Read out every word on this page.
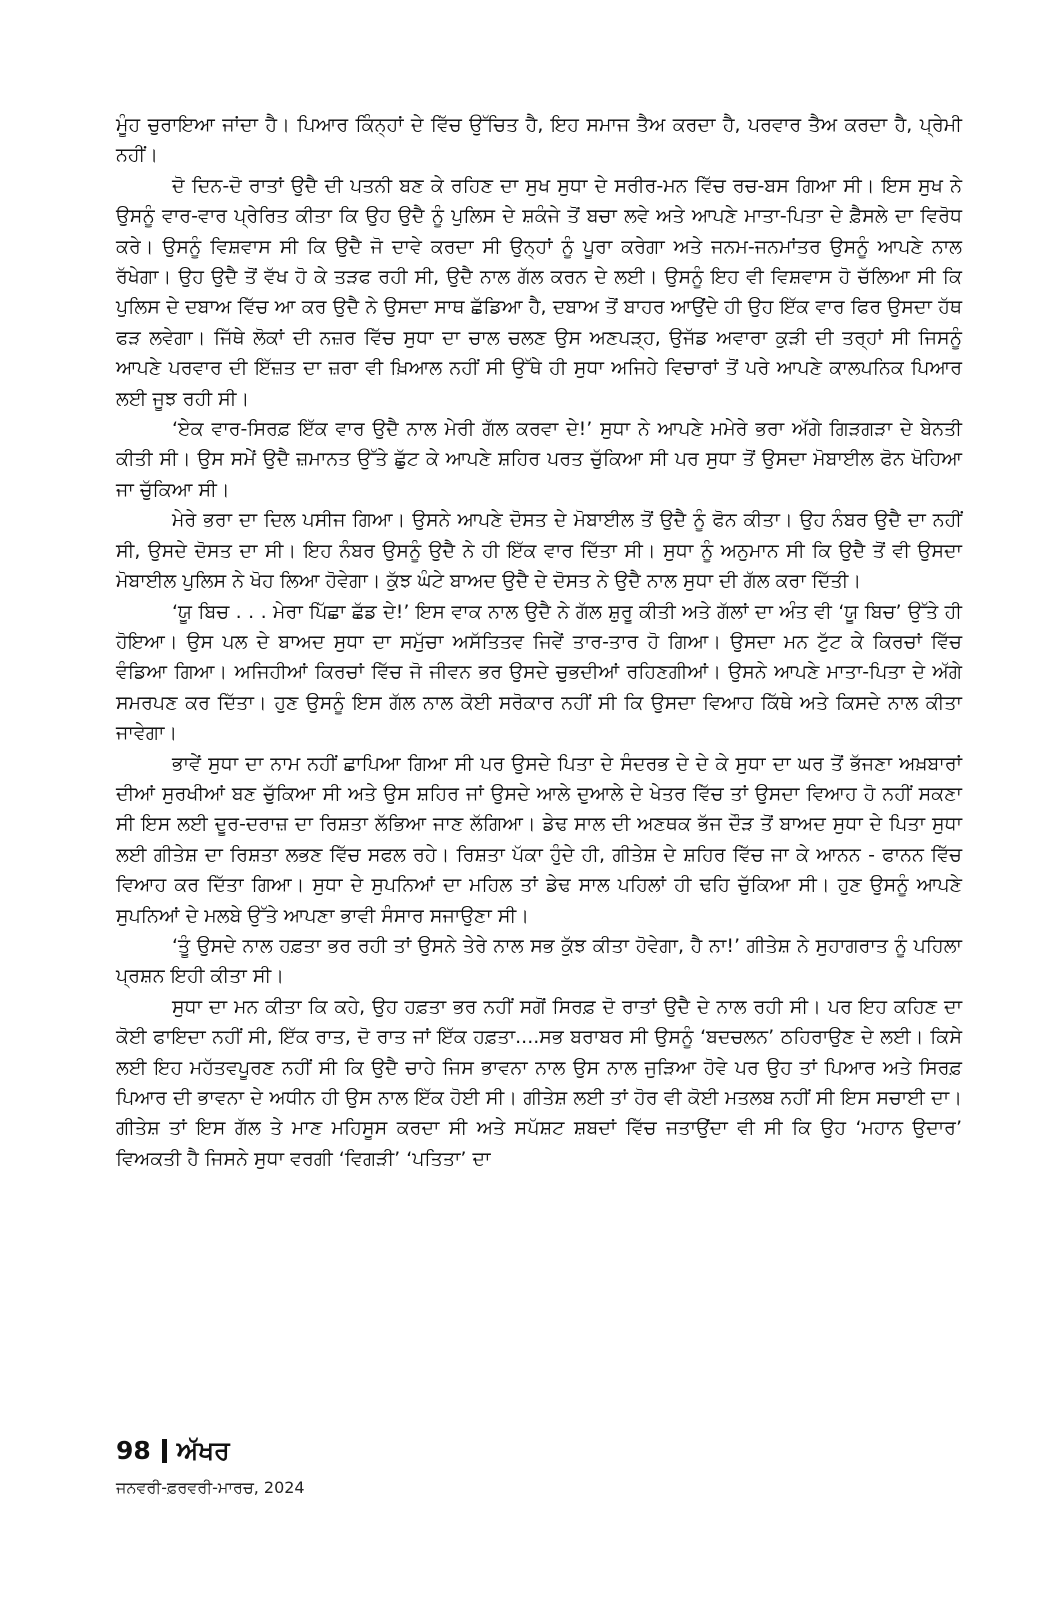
ਮੂੰਹ ਚੁਰਾਇਆ ਜਾਂਦਾ ਹੈ। ਪਿਆਰ ਕਿੰਨ੍ਹਾਂ ਦੇ ਵਿੱਚ ਉੱਚਿਤ ਹੈ, ਇਹ ਸਮਾਜ ਤੈਅ ਕਰਦਾ ਹੈ, ਪਰਵਾਰ ਤੈਅ ਕਰਦਾ ਹੈ, ਪ੍ਰੇਮੀ ਨਹੀਂ।

ਦੋ ਦਿਨ-ਦੋ ਰਾਤਾਂ ਉਦੈ ਦੀ ਪਤਨੀ ਬਣ ਕੇ ਰਹਿਣ ਦਾ ਸੁਖ ਸੁਧਾ ਦੇ ਸਰੀਰ-ਮਨ ਵਿੱਚ ਰਚ-ਬਸ ਗਿਆ ਸੀ। ਇਸ ਸੁਖ ਨੇ ਉਸਨੂੰ ਵਾਰ-ਵਾਰ ਪ੍ਰੇਰਿਤ ਕੀਤਾ ਕਿ ਉਹ ਉਦੈ ਨੂੰ ਪੁਲਿਸ ਦੇ ਸ਼ਕੰਜੇ ਤੋਂ ਬਚਾ ਲਵੇ ਅਤੇ ਆਪਣੇ ਮਾਤਾ-ਪਿਤਾ ਦੇ ਫ਼ੈਸਲੇ ਦਾ ਵਿਰੋਧ ਕਰੇ। ਉਸਨੂੰ ਵਿਸ਼ਵਾਸ ਸੀ ਕਿ ਉਦੈ ਜੋ ਦਾਵੇ ਕਰਦਾ ਸੀ ਉਨ੍ਹਾਂ ਨੂੰ ਪੂਰਾ ਕਰੇਗਾ ਅਤੇ ਜਨਮ-ਜਨਮਾਂਤਰ ਉਸਨੂੰ ਆਪਣੇ ਨਾਲ ਰੱਖੇਗਾ। ਉਹ ਉਦੈ ਤੋਂ ਵੱਖ ਹੋ ਕੇ ਤੜਫ ਰਹੀ ਸੀ, ਉਦੈ ਨਾਲ ਗੱਲ ਕਰਨ ਦੇ ਲਈ। ਉਸਨੂੰ ਇਹ ਵੀ ਵਿਸ਼ਵਾਸ ਹੋ ਚੱਲਿਆ ਸੀ ਕਿ ਪੁਲਿਸ ਦੇ ਦਬਾਅ ਵਿੱਚ ਆ ਕਰ ਉਦੈ ਨੇ ਉਸਦਾ ਸਾਥ ਛੱਡਿਆ ਹੈ, ਦਬਾਅ ਤੋਂ ਬਾਹਰ ਆਉਂਦੇ ਹੀ ਉਹ ਇੱਕ ਵਾਰ ਫਿਰ ਉਸਦਾ ਹੱਥ ਫੜ ਲਵੇਗਾ। ਜਿੱਥੇ ਲੋਕਾਂ ਦੀ ਨਜ਼ਰ ਵਿੱਚ ਸੁਧਾ ਦਾ ਚਾਲ ਚਲਣ ਉਸ ਅਣਪੜ੍ਹ, ਉਜੱਡ ਅਵਾਰਾ ਕੁੜੀ ਦੀ ਤਰ੍ਹਾਂ ਸੀ ਜਿਸਨੂੰ ਆਪਣੇ ਪਰਵਾਰ ਦੀ ਇੱਜ਼ਤ ਦਾ ਜ਼ਰਾ ਵੀ ਖ਼ਿਆਲ ਨਹੀਂ ਸੀ ਉੱਥੇ ਹੀ ਸੁਧਾ ਅਜਿਹੇ ਵਿਚਾਰਾਂ ਤੋਂ ਪਰੇ ਆਪਣੇ ਕਾਲਪਨਿਕ ਪਿਆਰ ਲਈ ਜੂਝ ਰਹੀ ਸੀ।

‘ਏਕ ਵਾਰ-ਸਿਰਫ਼ ਇੱਕ ਵਾਰ ਉਦੈ ਨਾਲ ਮੇਰੀ ਗੱਲ ਕਰਵਾ ਦੇ!’ ਸੁਧਾ ਨੇ ਆਪਣੇ ਮਮੇਰੇ ਭਰਾ ਅੱਗੇ ਗਿੜਗੜਾ ਦੇ ਬੇਨਤੀ ਕੀਤੀ ਸੀ। ਉਸ ਸਮੇਂ ਉਦੈ ਜ਼ਮਾਨਤ ਉੱਤੇ ਛੁੱਟ ਕੇ ਆਪਣੇ ਸ਼ਹਿਰ ਪਰਤ ਚੁੱਕਿਆ ਸੀ ਪਰ ਸੁਧਾ ਤੋਂ ਉਸਦਾ ਮੋਬਾਈਲ ਫੋਨ ਖੋਹਿਆ ਜਾ ਚੁੱਕਿਆ ਸੀ।

ਮੇਰੇ ਭਰਾ ਦਾ ਦਿਲ ਪਸੀਜ ਗਿਆ। ਉਸਨੇ ਆਪਣੇ ਦੋਸਤ ਦੇ ਮੋਬਾਈਲ ਤੋਂ ਉਦੈ ਨੂੰ ਫੋਨ ਕੀਤਾ। ਉਹ ਨੰਬਰ ਉਦੈ ਦਾ ਨਹੀਂ ਸੀ, ਉਸਦੇ ਦੋਸਤ ਦਾ ਸੀ। ਇਹ ਨੰਬਰ ਉਸਨੂੰ ਉਦੈ ਨੇ ਹੀ ਇੱਕ ਵਾਰ ਦਿੱਤਾ ਸੀ। ਸੁਧਾ ਨੂੰ ਅਨੁਮਾਨ ਸੀ ਕਿ ਉਦੈ ਤੋਂ ਵੀ ਉਸਦਾ ਮੋਬਾਈਲ ਪੁਲਿਸ ਨੇ ਖੋਹ ਲਿਆ ਹੋਵੇਗਾ। ਕੁੱਝ ਘੰਟੇ ਬਾਅਦ ਉਦੈ ਦੇ ਦੋਸਤ ਨੇ ਉਦੈ ਨਾਲ ਸੁਧਾ ਦੀ ਗੱਲ ਕਰਾ ਦਿੱਤੀ।

‘ਯੂ ਬਿਚ . . . ਮੇਰਾ ਪਿੱਛਾ ਛੱਡ ਦੇ!’ ਇਸ ਵਾਕ ਨਾਲ ਉਦੈ ਨੇ ਗੱਲ ਸ਼ੁਰੂ ਕੀਤੀ ਅਤੇ ਗੱਲਾਂ ਦਾ ਅੰਤ ਵੀ ‘ਯੂ ਬਿਚ’ ਉੱਤੇ ਹੀ ਹੋਇਆ। ਉਸ ਪਲ ਦੇ ਬਾਅਦ ਸੁਧਾ ਦਾ ਸਮੁੱਚਾ ਅਸੱਤਿਤਵ ਜਿਵੇਂ ਤਾਰ-ਤਾਰ ਹੋ ਗਿਆ। ਉਸਦਾ ਮਨ ਟੁੱਟ ਕੇ ਕਿਰਚਾਂ ਵਿੱਚ ਵੰਡਿਆ ਗਿਆ। ਅਜਿਹੀਆਂ ਕਿਰਚਾਂ ਵਿੱਚ ਜੋ ਜੀਵਨ ਭਰ ਉਸਦੇ ਚੁਭਦੀਆਂ ਰਹਿਣਗੀਆਂ। ਉਸਨੇ ਆਪਣੇ ਮਾਤਾ-ਪਿਤਾ ਦੇ ਅੱਗੇ ਸਮਰਪਣ ਕਰ ਦਿੱਤਾ। ਹੁਣ ਉਸਨੂੰ ਇਸ ਗੱਲ ਨਾਲ ਕੋਈ ਸਰੋਕਾਰ ਨਹੀਂ ਸੀ ਕਿ ਉਸਦਾ ਵਿਆਹ ਕਿੱਥੇ ਅਤੇ ਕਿਸਦੇ ਨਾਲ ਕੀਤਾ ਜਾਵੇਗਾ।

ਭਾਵੇਂ ਸੁਧਾ ਦਾ ਨਾਮ ਨਹੀਂ ਛਾਪਿਆ ਗਿਆ ਸੀ ਪਰ ਉਸਦੇ ਪਿਤਾ ਦੇ ਸੰਦਰਭ ਦੇ ਦੇ ਕੇ ਸੁਧਾ ਦਾ ਘਰ ਤੋਂ ਭੱਜਣਾ ਅਖ਼ਬਾਰਾਂ ਦੀਆਂ ਸੁਰਖੀਆਂ ਬਣ ਚੁੱਕਿਆ ਸੀ ਅਤੇ ਉਸ ਸ਼ਹਿਰ ਜਾਂ ਉਸਦੇ ਆਲੇ ਦੁਆਲੇ ਦੇ ਖੇਤਰ ਵਿੱਚ ਤਾਂ ਉਸਦਾ ਵਿਆਹ ਹੋ ਨਹੀਂ ਸਕਣਾ ਸੀ ਇਸ ਲਈ ਦੂਰ-ਦਰਾਜ਼ ਦਾ ਰਿਸ਼ਤਾ ਲੱਭਿਆ ਜਾਣ ਲੱਗਿਆ। ਡੇਢ ਸਾਲ ਦੀ ਅਣਥਕ ਭੱਜ ਦੌੜ ਤੋਂ ਬਾਅਦ ਸੁਧਾ ਦੇ ਪਿਤਾ ਸੁਧਾ ਲਈ ਗੀਤੇਸ਼ ਦਾ ਰਿਸ਼ਤਾ ਲਭਣ ਵਿੱਚ ਸਫਲ ਰਹੇ। ਰਿਸ਼ਤਾ ਪੱਕਾ ਹੁੰਦੇ ਹੀ, ਗੀਤੇਸ਼ ਦੇ ਸ਼ਹਿਰ ਵਿੱਚ ਜਾ ਕੇ ਆਨਨ - ਫਾਨਨ ਵਿੱਚ ਵਿਆਹ ਕਰ ਦਿੱਤਾ ਗਿਆ। ਸੁਧਾ ਦੇ ਸੁਪਨਿਆਂ ਦਾ ਮਹਿਲ ਤਾਂ ਡੇਢ ਸਾਲ ਪਹਿਲਾਂ ਹੀ ਢਹਿ ਚੁੱਕਿਆ ਸੀ। ਹੁਣ ਉਸਨੂੰ ਆਪਣੇ ਸੁਪਨਿਆਂ ਦੇ ਮਲਬੇ ਉੱਤੇ ਆਪਣਾ ਭਾਵੀ ਸੰਸਾਰ ਸਜਾਉਣਾ ਸੀ।

‘ਤੂੰ ਉਸਦੇ ਨਾਲ ਹਫ਼ਤਾ ਭਰ ਰਹੀ ਤਾਂ ਉਸਨੇ ਤੇਰੇ ਨਾਲ ਸਭ ਕੁੱਝ ਕੀਤਾ ਹੋਵੇਗਾ, ਹੈ ਨਾ!’ ਗੀਤੇਸ਼ ਨੇ ਸੁਹਾਗਰਾਤ ਨੂੰ ਪਹਿਲਾ ਪ੍ਰਸ਼ਨ ਇਹੀ ਕੀਤਾ ਸੀ।

ਸੁਧਾ ਦਾ ਮਨ ਕੀਤਾ ਕਿ ਕਹੇ, ਉਹ ਹਫ਼ਤਾ ਭਰ ਨਹੀਂ ਸਗੋਂ ਸਿਰਫ਼ ਦੋ ਰਾਤਾਂ ਉਦੈ ਦੇ ਨਾਲ ਰਹੀ ਸੀ। ਪਰ ਇਹ ਕਹਿਣ ਦਾ ਕੋਈ ਫਾਇਦਾ ਨਹੀਂ ਸੀ, ਇੱਕ ਰਾਤ, ਦੋ ਰਾਤ ਜਾਂ ਇੱਕ ਹਫ਼ਤਾ....ਸਭ ਬਰਾਬਰ ਸੀ ਉਸਨੂੰ ‘ਬਦਚਲਨ’ ਠਹਿਰਾਉਣ ਦੇ ਲਈ। ਕਿਸੇ ਲਈ ਇਹ ਮਹੱਤਵਪੂਰਣ ਨਹੀਂ ਸੀ ਕਿ ਉਦੈ ਚਾਹੇ ਜਿਸ ਭਾਵਨਾ ਨਾਲ ਉਸ ਨਾਲ ਜੁੜਿਆ ਹੋਵੇ ਪਰ ਉਹ ਤਾਂ ਪਿਆਰ ਅਤੇ ਸਿਰਫ਼ ਪਿਆਰ ਦੀ ਭਾਵਨਾ ਦੇ ਅਧੀਨ ਹੀ ਉਸ ਨਾਲ ਇੱਕ ਹੋਈ ਸੀ। ਗੀਤੇਸ਼ ਲਈ ਤਾਂ ਹੋਰ ਵੀ ਕੋਈ ਮਤਲਬ ਨਹੀਂ ਸੀ ਇਸ ਸਚਾਈ ਦਾ। ਗੀਤੇਸ਼ ਤਾਂ ਇਸ ਗੱਲ ਤੇ ਮਾਣ ਮਹਿਸੂਸ ਕਰਦਾ ਸੀ ਅਤੇ ਸਪੱਸ਼ਟ ਸ਼ਬਦਾਂ ਵਿੱਚ ਜਤਾਉਂਦਾ ਵੀ ਸੀ ਕਿ ਉਹ ‘ਮਹਾਨ ਉਦਾਰ’ ਵਿਅਕਤੀ ਹੈ ਜਿਸਨੇ ਸੁਧਾ ਵਰਗੀ ‘ਵਿਗੜੀ’ ‘ਪਤਿਤਾ’ ਦਾ

98 ਅੱਖਰ
ਜਨਵਰੀ-ਫ਼ਰਵਰੀ-ਮਾਰਚ, 2024
